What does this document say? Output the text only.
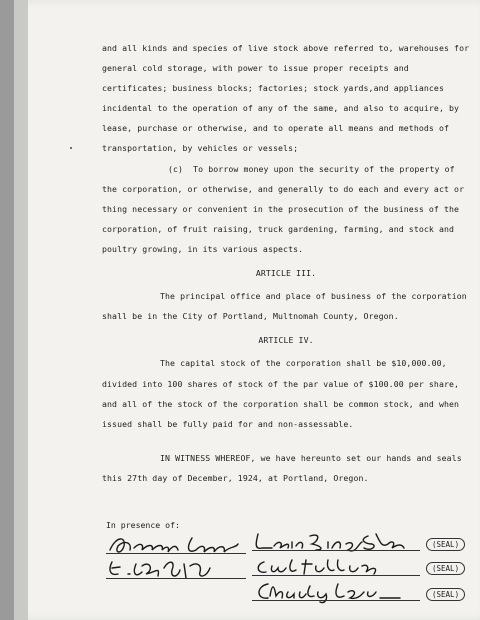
and all kinds and species of live stock above referred to, warehouses for general cold storage, with power to issue proper receipts and certificates; business blocks; factories; stock yards,and appliances incidental to the operation of any of the same, and also to acquire, by lease, purchase or otherwise, and to operate all means and methods of transportation, by vehicles or vessels;

(c)  To borrow money upon the security of the property of the corporation, or otherwise, and generally to do each and every act or thing necessary or convenient in the prosecution of the business of the corporation, of fruit raising, truck gardening, farming, and stock and poultry growing, in its various aspects.

ARTICLE III.

The principal office and place of business of the corporation shall be in the City of Portland, Multnomah County, Oregon.

ARTICLE IV.

The capital stock of the corporation shall be $10,000.00, divided into 100 shares of stock of the par value of $100.00 per share, and all of the stock of the corporation shall be common stock, and when issued shall be fully paid for and non-assessable.

IN WITNESS WHEREOF, we have hereunto set our hands and seals this 27th day of December, 1924, at Portland, Oregon.

In presence of:
(SEAL)
(SEAL)
(SEAL)
